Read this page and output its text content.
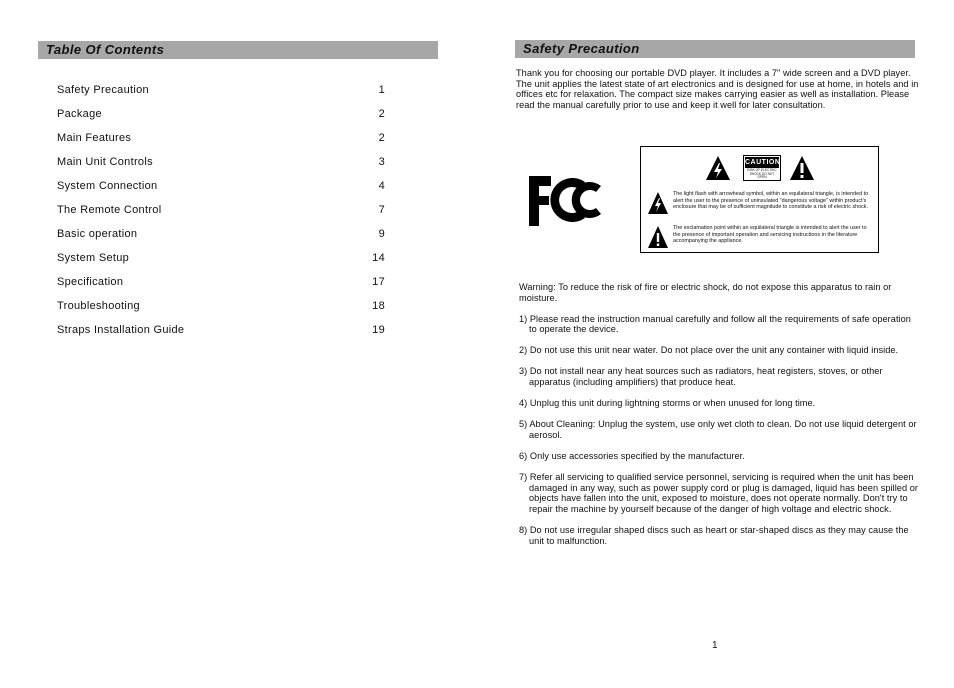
Table Of Contents
Safety Precaution	1
Package	2
Main Features	2
Main Unit Controls	3
System Connection	4
The Remote Control	7
Basic operation	9
System Setup	14
Specification	17
Troubleshooting	18
Straps Installation Guide	19
Safety Precaution

Thank you for choosing our portable DVD player. It includes a 7" wide screen and a DVD player. The unit applies the latest state of art electronics and is designed for use at home, in hotels and in offices etc for relaxation. The compact size makes carrying easier as well as installation. Please read the manual carefully prior to use and keep it well for later consultation.

CAUTION
RISK OF ELECTRIC SHOCK DO NOT OPEN
The light flash with arrowhead symbol, within an equilateral triangle, is intended to alert the user to the presence of uninsulated "dangerous voltage" within product's enclosure that may be of sufficient magnitude to constitute a risk of electric shock.
The exclamation point within an equilateral triangle is intended to alert the user to the presence of important operation and servicing instructions in the literature accompanying the appliance.

Warning: To reduce the risk of fire or electric shock, do not expose this apparatus to rain or moisture.

1) Please read the instruction manual carefully and follow all the requirements of safe operation to operate the device.

2) Do not use this unit near water. Do not place over the unit any container with liquid inside.

3) Do not install near any heat sources such as radiators, heat registers, stoves, or other apparatus (including amplifiers) that produce heat.

4) Unplug this unit during lightning storms or when unused for long time.

5) About Cleaning: Unplug the system, use only wet cloth to clean. Do not use liquid detergent or aerosol.

6) Only use accessories specified by the manufacturer.

7) Refer all servicing to qualified service personnel, servicing is required when the unit has been damaged in any way, such as power supply cord or plug is damaged, liquid has been spilled or objects have fallen into the unit, exposed to moisture, does not operate normally. Don't try to repair the machine by yourself because of the danger of high voltage and electric shock.

8) Do not use irregular shaped discs such as heart or star-shaped discs as they may cause the unit to malfunction.

1
